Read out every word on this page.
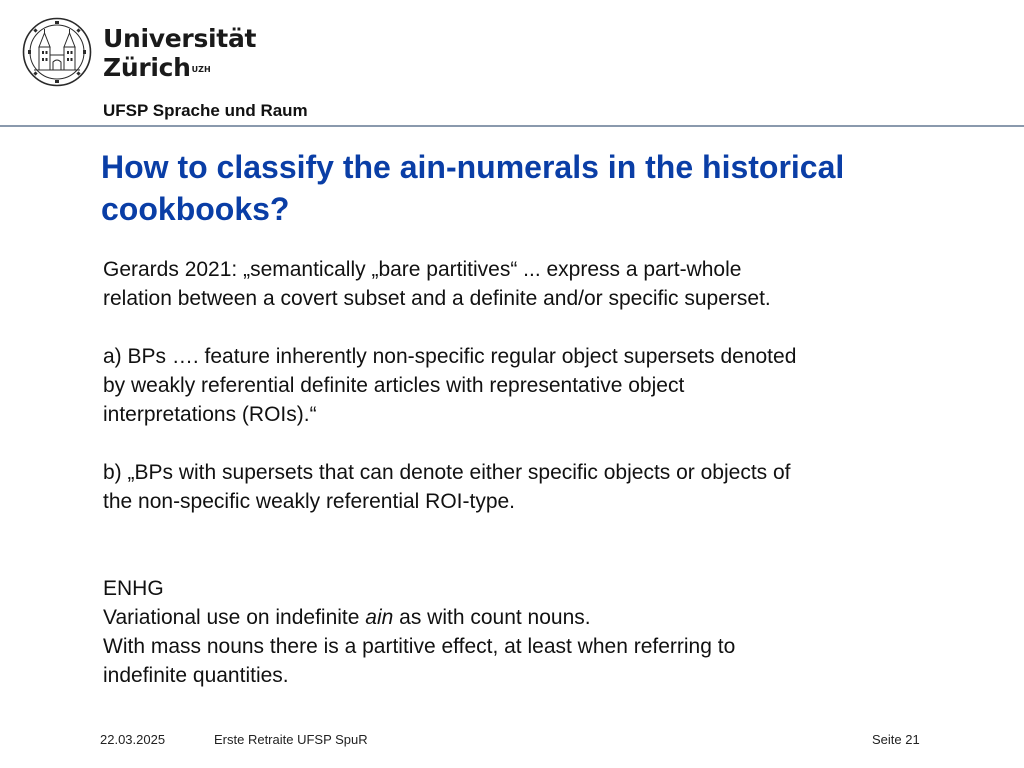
Universität
Zürich$^{UZH}$
UFSP Sprache und Raum
How to classify the ain-numerals in the historical
cookbooks?

Gerards 2021: „semantically „bare partitives“ ... express a part-whole
relation between a covert subset and a definite and/or specific superset.

a) BPs …. feature inherently non-specific regular object supersets denoted
by weakly referential definite articles with representative object
interpretations (ROIs).“

b) „BPs with supersets that can denote either specific objects or objects of
the non-specific weakly referential ROI-type.

ENHG
Variational use on indefinite ain as with count nouns.
With mass nouns there is a partitive effect, at least when referring to
indefinite quantities.

22.03.2025	Erste Retraite UFSP SpuR	Seite 21
